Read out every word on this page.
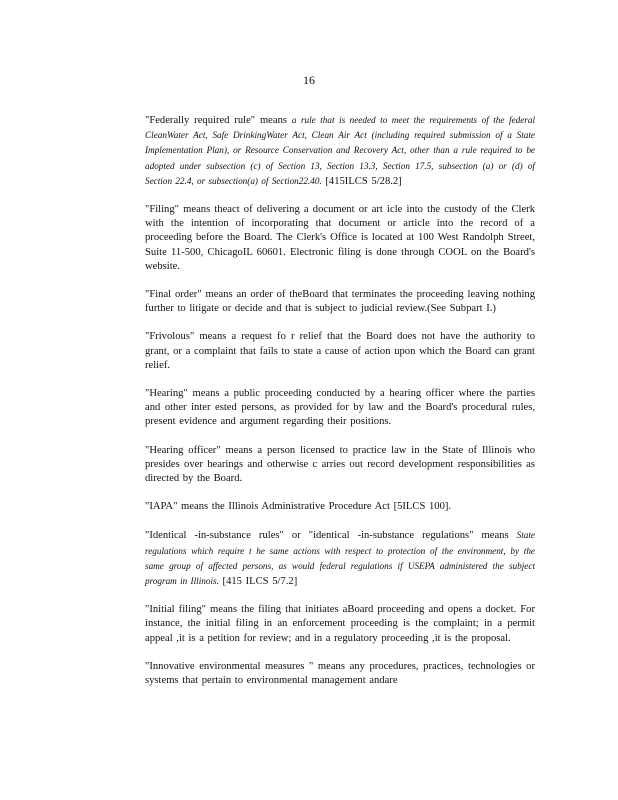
16

"Federally required rule" means a rule that is needed to meet the requirements of the federal CleanWater Act, Safe DrinkingWater Act, Clean Air Act (including required submission of a State Implementation Plan), or Resource Conservation and Recovery Act, other than a rule required to be adopted under subsection (c) of Section 13, Section 13.3, Section 17.5, subsection (a) or (d) of Section 22.4, or subsection(a) of Section22.40. [415ILCS 5/28.2]

"Filing" means theact of delivering a document or art icle into the custody of the Clerk with the intention of incorporating that document or article into the record of a proceeding before the Board. The Clerk's Office is located at 100 West Randolph Street, Suite 11-500, ChicagoIL 60601. Electronic filing is done through COOL on the Board's website.

"Final order" means an order of theBoard that terminates the proceeding leaving nothing further to litigate or decide and that is subject to judicial review.(See Subpart I.)

"Frivolous" means a request fo r relief that the Board does not have the authority to grant, or a complaint that fails to state a cause of action upon which the Board can grant relief.

"Hearing" means a public proceeding conducted by a hearing officer where the parties and other inter ested persons, as provided for by law and the Board's procedural rules, present evidence and argument regarding their positions.

"Hearing officer" means a person licensed to practice law in the State of Illinois who presides over hearings and otherwise c arries out record development responsibilities as directed by the Board.

"IAPA" means the Illinois Administrative Procedure Act [5ILCS 100].

"Identical -in-substance rules" or "identical -in-substance regulations" means State regulations which require t he same actions with respect to protection of the environment, by the same group of affected persons, as would federal regulations if USEPA administered the subject program in Illinois. [415 ILCS 5/7.2]

"Initial filing" means the filing that initiates aBoard proceeding and opens a docket. For instance, the initial filing in an enforcement proceeding is the complaint; in a permit appeal ,it is a petition for review; and in a regulatory proceeding ,it is the proposal.

"Innovative environmental measures " means any procedures, practices, technologies or systems that pertain to environmental management andare
